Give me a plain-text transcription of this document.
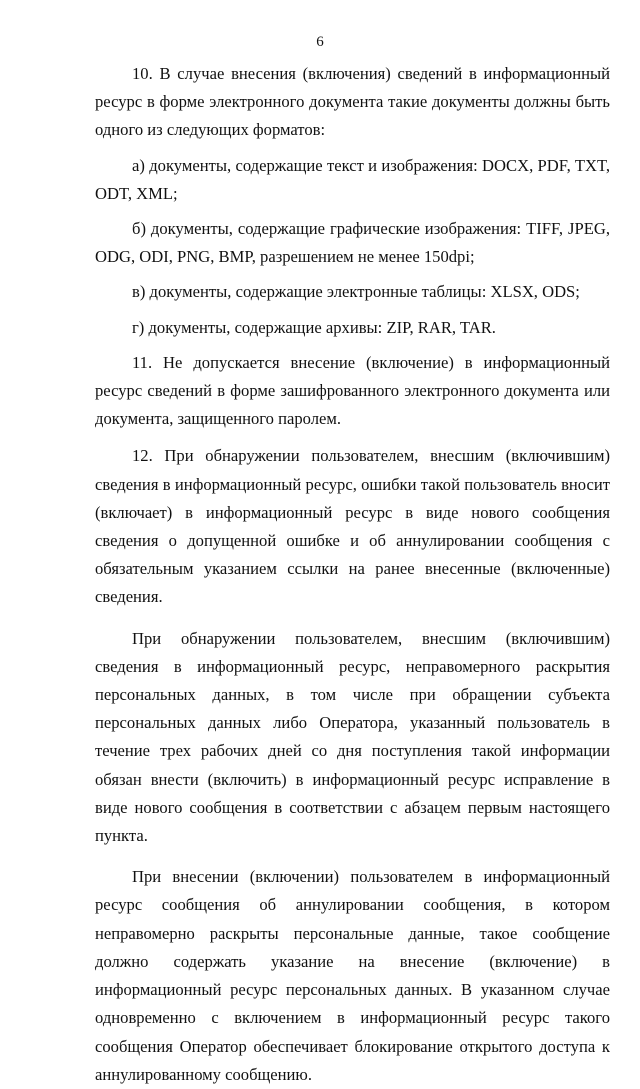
6

10. В случае внесения (включения) сведений в информационный ресурс в форме электронного документа такие документы должны быть одного из следующих форматов:

а) документы, содержащие текст и изображения: DOCX, PDF, TXT, ODT, XML;

б) документы, содержащие графические изображения: TIFF, JPEG, ODG, ODI, PNG, BMP, разрешением не менее 150dpi;

в) документы, содержащие электронные таблицы: XLSX, ODS;

г) документы, содержащие архивы: ZIP, RAR, TAR.

11. Не допускается внесение (включение) в информационный ресурс сведений в форме зашифрованного электронного документа или документа, защищенного паролем.

12. При обнаружении пользователем, внесшим (включившим) сведения в информационный ресурс, ошибки такой пользователь вносит (включает) в информационный ресурс в виде нового сообщения сведения о допущенной ошибке и об аннулировании сообщения с обязательным указанием ссылки на ранее внесенные (включенные) сведения.

При обнаружении пользователем, внесшим (включившим) сведения в информационный ресурс, неправомерного раскрытия персональных данных, в том числе при обращении субъекта персональных данных либо Оператора, указанный пользователь в течение трех рабочих дней со дня поступления такой информации обязан внести (включить) в информационный ресурс исправление в виде нового сообщения в соответствии с абзацем первым настоящего пункта.

При внесении (включении) пользователем в информационный ресурс сообщения об аннулировании сообщения, в котором неправомерно раскрыты персональные данные, такое сообщение должно содержать указание на внесение (включение) в информационный ресурс персональных данных. В указанном случае одновременно с включением в информационный ресурс такого сообщения Оператор обеспечивает блокирование открытого доступа к аннулированному сообщению.
